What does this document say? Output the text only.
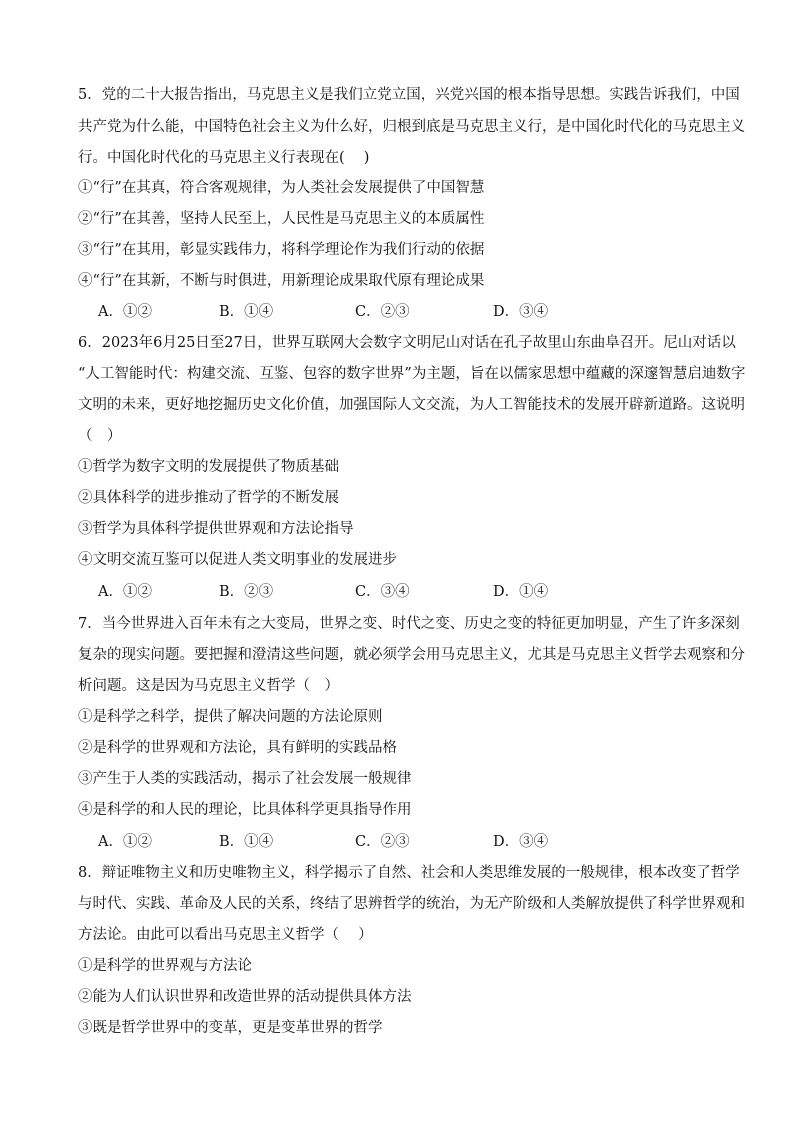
5．党的二十大报告指出，马克思主义是我们立党立国，兴党兴国的根本指导思想。实践告诉我们，中国
共产党为什么能，中国特色社会主义为什么好，归根到底是马克思主义行，是中国化时代化的马克思主义
行。中国化时代化的马克思主义行表现在(　 )
①“行”在其真，符合客观规律，为人类社会发展提供了中国智慧
②“行”在其善，坚持人民至上，人民性是马克思主义的本质属性
③“行”在其用，彰显实践伟力，将科学理论作为我们行动的依据
④“行”在其新，不断与时俱进，用新理论成果取代原有理论成果
A．①②	B．①④	C．②③	D．③④
6．2023年6月25日至27日，世界互联网大会数字文明尼山对话在孔子故里山东曲阜召开。尼山对话以
“人工智能时代：构建交流、互鉴、包容的数字世界”为主题，旨在以儒家思想中蕴藏的深邃智慧启迪数字
文明的未来，更好地挖掘历史文化价值，加强国际人文交流，为人工智能技术的发展开辟新道路。这说明
（　）
①哲学为数字文明的发展提供了物质基础
②具体科学的进步推动了哲学的不断发展
③哲学为具体科学提供世界观和方法论指导
④文明交流互鉴可以促进人类文明事业的发展进步
A．①②	B．②③	C．③④	D．①④
7．当今世界进入百年未有之大变局，世界之变、时代之变、历史之变的特征更加明显，产生了许多深刻
复杂的现实问题。要把握和澄清这些问题，就必须学会用马克思主义，尤其是马克思主义哲学去观察和分
析问题。这是因为马克思主义哲学（　）
①是科学之科学，提供了解决问题的方法论原则
②是科学的世界观和方法论，具有鲜明的实践品格
③产生于人类的实践活动，揭示了社会发展一般规律
④是科学的和人民的理论，比具体科学更具指导作用
A．①②	B．①④	C．②③	D．③④
8．辩证唯物主义和历史唯物主义，科学揭示了自然、社会和人类思维发展的一般规律，根本改变了哲学
与时代、实践、革命及人民的关系，终结了思辨哲学的统治，为无产阶级和人类解放提供了科学世界观和
方法论。由此可以看出马克思主义哲学（　 ）
①是科学的世界观与方法论
②能为人们认识世界和改造世界的活动提供具体方法
③既是哲学世界中的变革，更是变革世界的哲学
